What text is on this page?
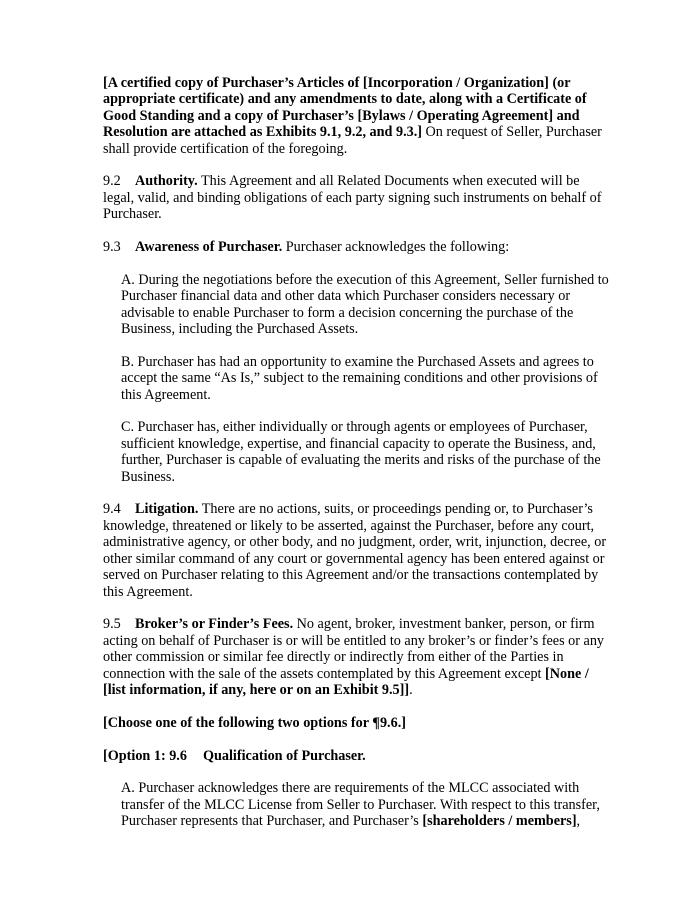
[A certified copy of Purchaser’s Articles of [Incorporation / Organization] (or appropriate certificate) and any amendments to date, along with a Certificate of Good Standing and a copy of Purchaser’s [Bylaws / Operating Agreement] and Resolution are attached as Exhibits 9.1, 9.2, and 9.3.] On request of Seller, Purchaser shall provide certification of the foregoing.

9.2 Authority. This Agreement and all Related Documents when executed will be legal, valid, and binding obligations of each party signing such instruments on behalf of Purchaser.

9.3 Awareness of Purchaser. Purchaser acknowledges the following:

A. During the negotiations before the execution of this Agreement, Seller furnished to Purchaser financial data and other data which Purchaser considers necessary or advisable to enable Purchaser to form a decision concerning the purchase of the Business, including the Purchased Assets.

B. Purchaser has had an opportunity to examine the Purchased Assets and agrees to accept the same “As Is,” subject to the remaining conditions and other provisions of this Agreement.

C. Purchaser has, either individually or through agents or employees of Purchaser, sufficient knowledge, expertise, and financial capacity to operate the Business, and, further, Purchaser is capable of evaluating the merits and risks of the purchase of the Business.

9.4 Litigation. There are no actions, suits, or proceedings pending or, to Purchaser’s knowledge, threatened or likely to be asserted, against the Purchaser, before any court, administrative agency, or other body, and no judgment, order, writ, injunction, decree, or other similar command of any court or governmental agency has been entered against or served on Purchaser relating to this Agreement and/or the transactions contemplated by this Agreement.

9.5 Broker’s or Finder’s Fees. No agent, broker, investment banker, person, or firm acting on behalf of Purchaser is or will be entitled to any broker’s or finder’s fees or any other commission or similar fee directly or indirectly from either of the Parties in connection with the sale of the assets contemplated by this Agreement except [None / [list information, if any, here or on an Exhibit 9.5]].

[Choose one of the following two options for ¶9.6.]

[Option 1: 9.6 Qualification of Purchaser.

A. Purchaser acknowledges there are requirements of the MLCC associated with transfer of the MLCC License from Seller to Purchaser. With respect to this transfer, Purchaser represents that Purchaser, and Purchaser’s [shareholders / members],
